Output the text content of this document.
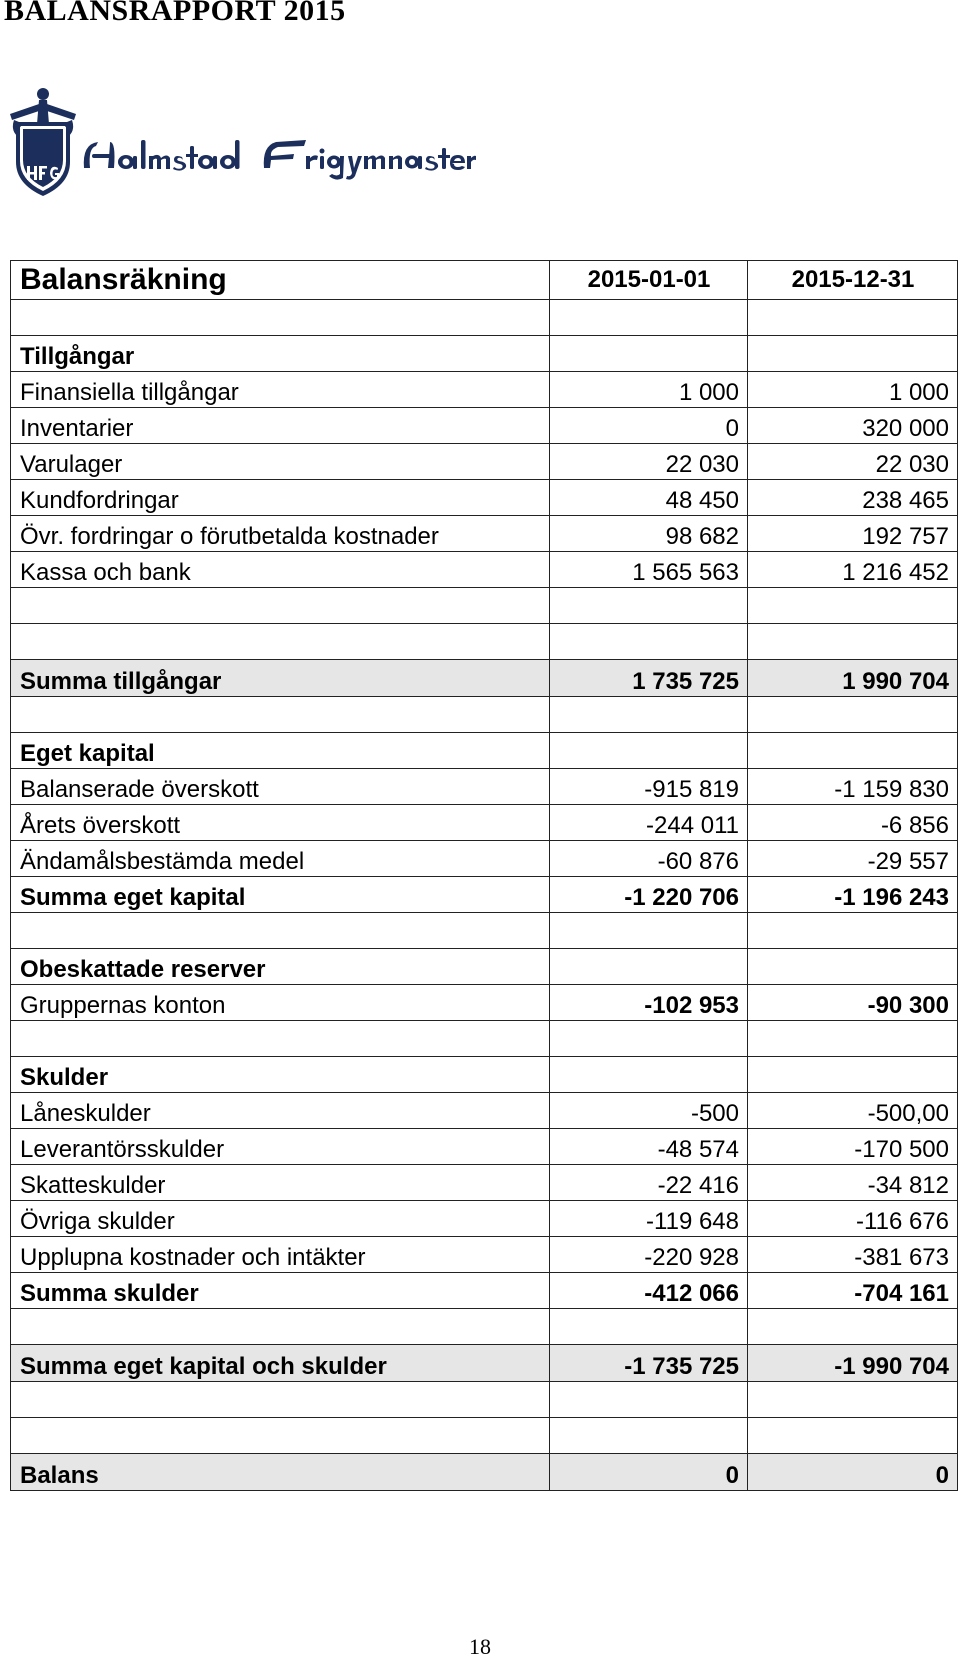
BALANSRAPPORT 2015
Balansräkning	2015-01-01	2015-12-31

Tillgångar		
Finansiella tillgångar	1 000	1 000
Inventarier	0	320 000
Varulager	22 030	22 030
Kundfordringar	48 450	238 465
Övr. fordringar o förutbetalda kostnader	98 682	192 757
Kassa och bank	1 565 563	1 216 452

Summa tillgångar	1 735 725	1 990 704

Eget kapital		
Balanserade överskott	-915 819	-1 159 830
Årets överskott	-244 011	-6 856
Ändamålsbestämda medel	-60 876	-29 557
Summa eget kapital	-1 220 706	-1 196 243

Obeskattade reserver		
Gruppernas konton	-102 953	-90 300

Skulder		
Låneskulder	-500	-500,00
Leverantörsskulder	-48 574	-170 500
Skatteskulder	-22 416	-34 812
Övriga skulder	-119 648	-116 676
Upplupna kostnader och intäkter	-220 928	-381 673
Summa skulder	-412 066	-704 161

Summa eget kapital och skulder	-1 735 725	-1 990 704

Balans	0	0
18
